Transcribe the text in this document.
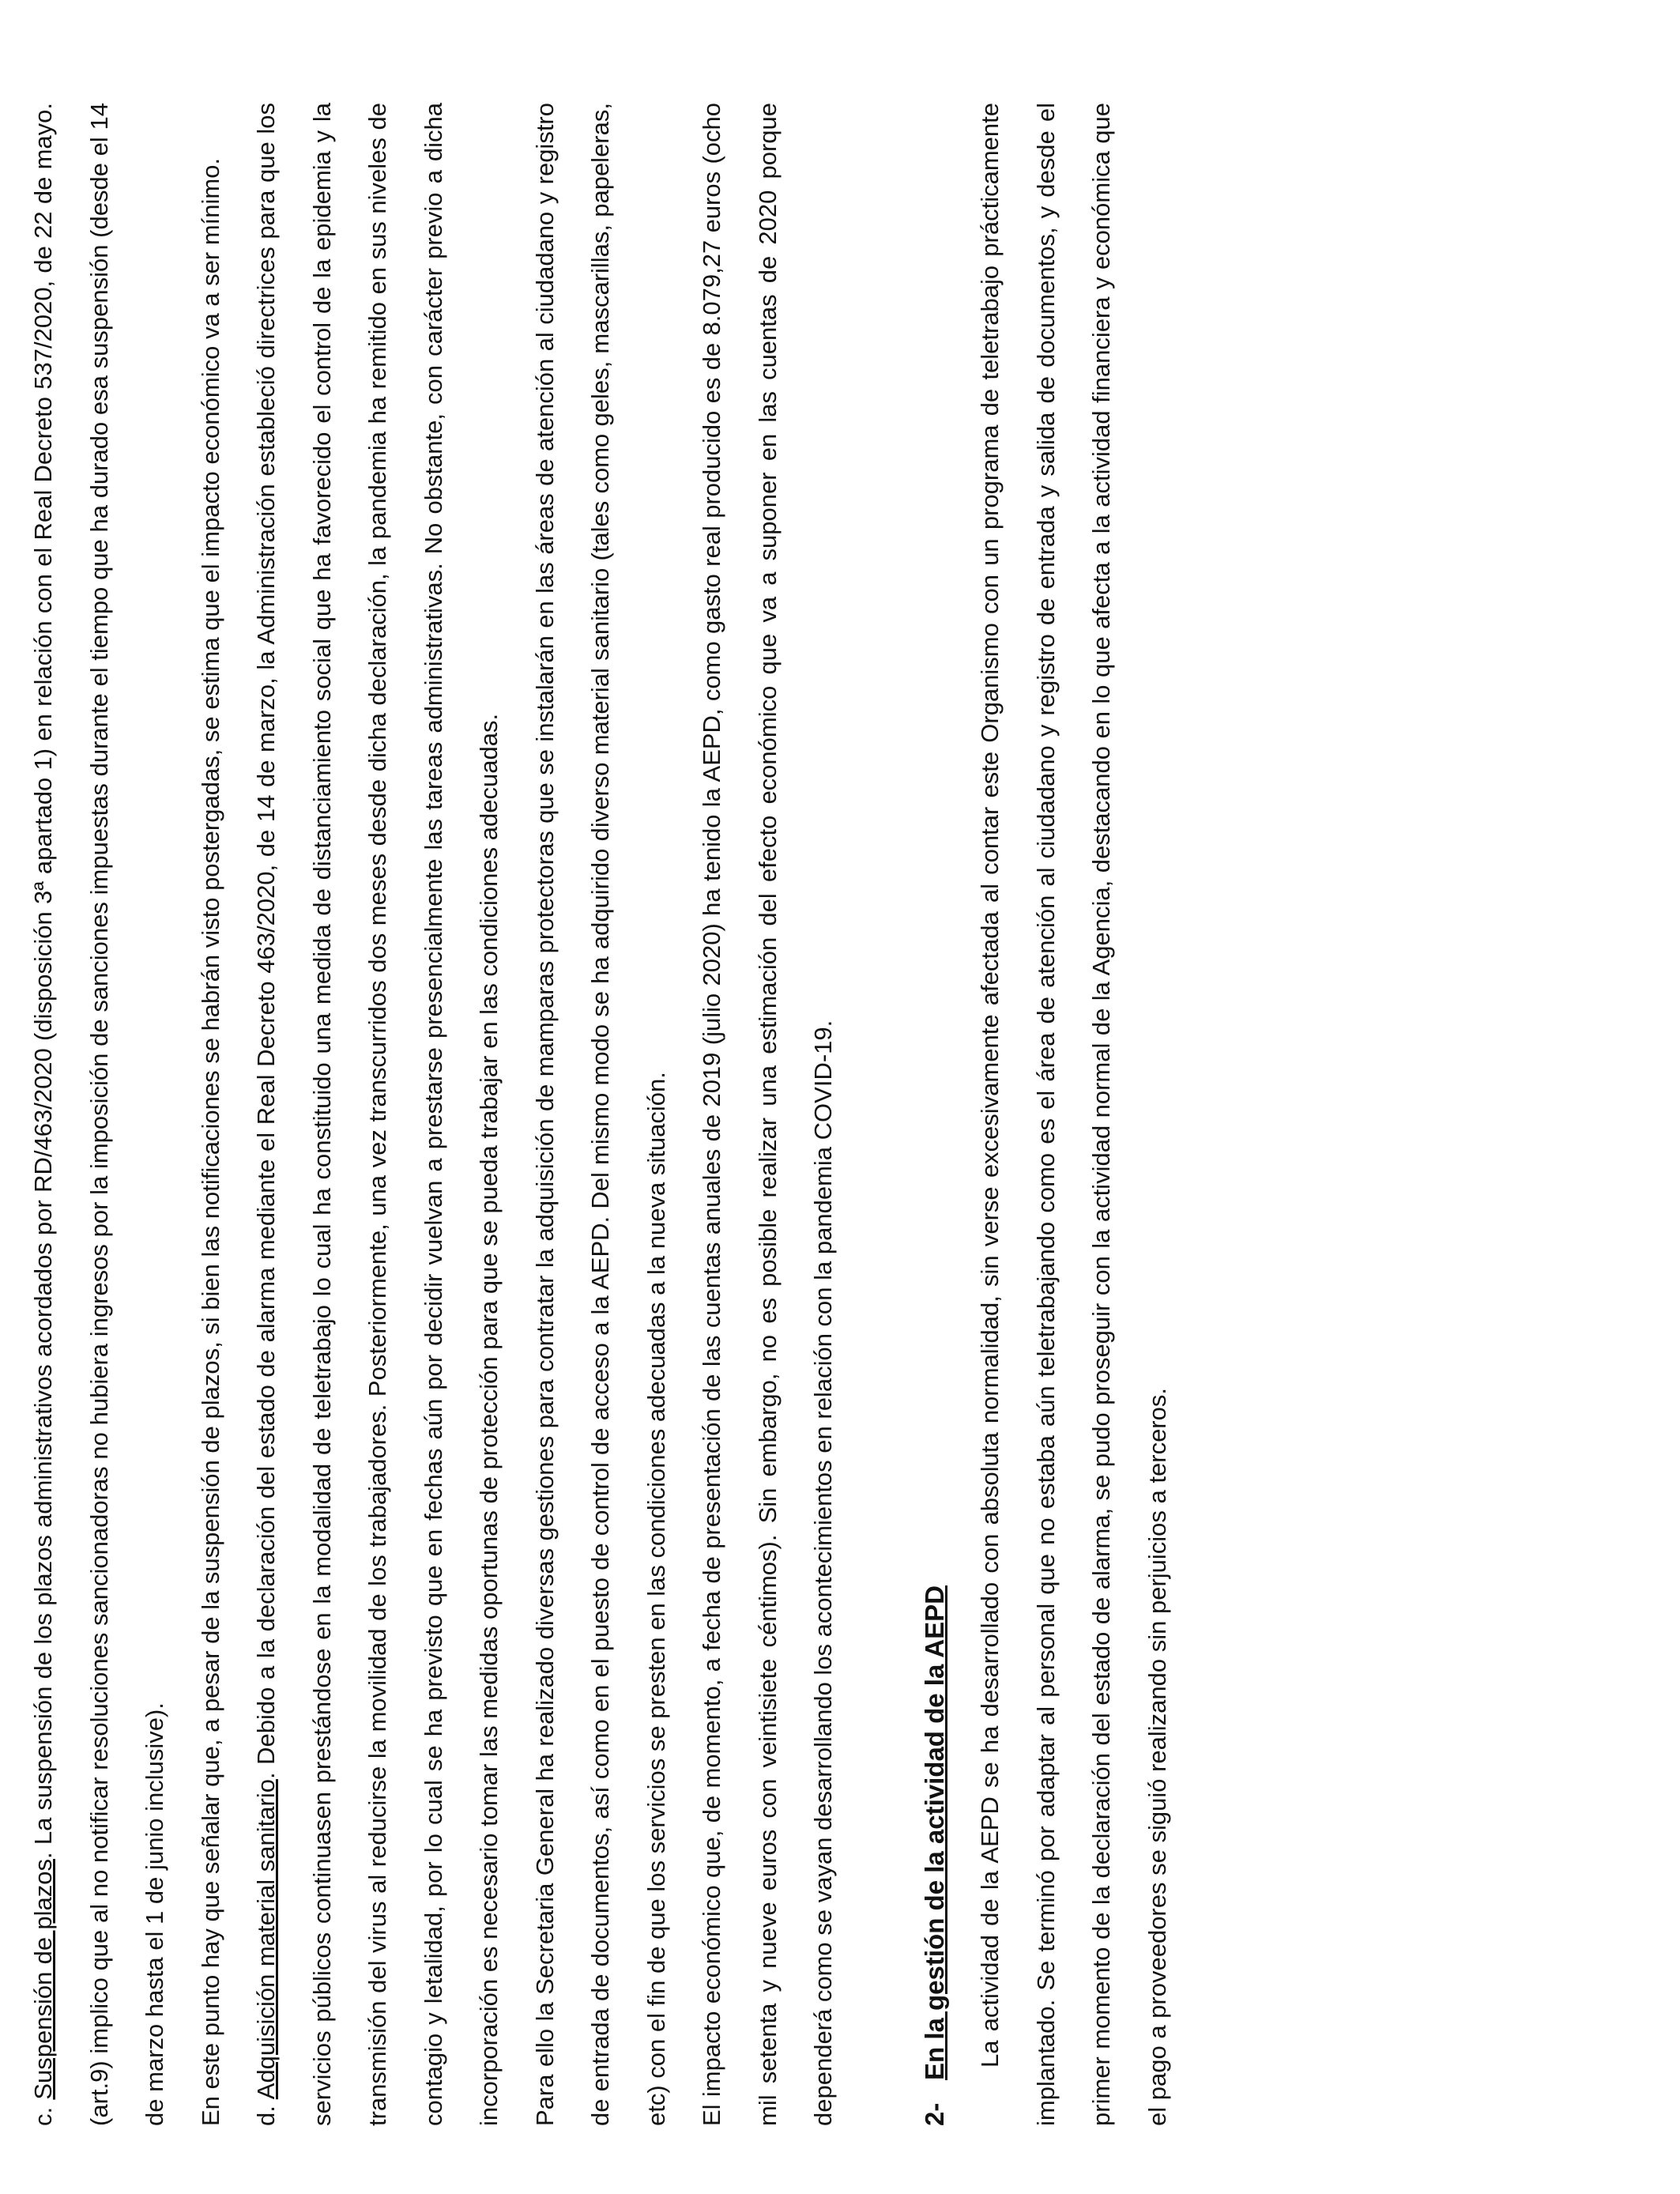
c. Suspensión de plazos. La suspensión de los plazos administrativos acordados por RD/463/2020 (disposición 3ª apartado 1) en relación con el Real Decreto 537/2020, de 22 de mayo. (art.9) implico que al no notificar resoluciones sancionadoras no hubiera ingresos por la imposición de sanciones impuestas durante el tiempo que ha durado esa suspensión (desde el 14 de marzo hasta el 1 de junio inclusive).	En este punto hay que señalar que, a pesar de la suspensión de plazos, si bien las notificaciones se habrán visto postergadas, se estima que el impacto económico va a ser mínimo.	d. Adquisición material sanitario. Debido a la declaración del estado de alarma mediante el Real Decreto 463/2020, de 14 de marzo, la Administración estableció directrices para que los servicios públicos continuasen prestándose en la modalidad de teletrabajo lo cual ha constituido una medida de distanciamiento social que ha favorecido el control de la epidemia y la transmisión del virus al reducirse la movilidad de los trabajadores. Posteriormente, una vez transcurridos dos meses desde dicha declaración, la pandemia ha remitido en sus niveles de contagio y letalidad, por lo cual se ha previsto que en fechas aún por decidir vuelvan a prestarse presencialmente las tareas administrativas. No obstante, con carácter previo a dicha incorporación es necesario tomar las medidas oportunas de protección para que se pueda trabajar en las condiciones adecuadas.	Para ello la Secretaria General ha realizado diversas gestiones para contratar la adquisición de mamparas protectoras que se instalarán en las áreas de atención al ciudadano y registro de entrada de documentos, así como en el puesto de control de acceso a la AEPD. Del mismo modo se ha adquirido diverso material sanitario (tales como geles, mascarillas, papeleras, etc) con el fin de que los servicios se presten en las condiciones adecuadas a la nueva situación.	El impacto económico que, de momento, a fecha de presentación de las cuentas anuales de 2019 (julio 2020) ha tenido la AEPD, como gasto real producido es de 8.079,27 euros (ocho mil setenta y nueve euros con veintisiete céntimos). Sin embargo, no es posible realizar una estimación del efecto económico que va a suponer en las cuentas de 2020 porque dependerá como se vayan desarrollando los acontecimientos en relación con la pandemia COVID-19.	2-En la gestión de la actividad de la AEPD	La actividad de la AEPD se ha desarrollado con absoluta normalidad, sin verse excesivamente afectada al contar este Organismo con un programa de teletrabajo prácticamente implantado. Se terminó por adaptar al personal que no estaba aún teletrabajando como es el área de atención al ciudadano y registro de entrada y salida de documentos, y desde el primer momento de la declaración del estado de alarma, se pudo proseguir con la actividad normal de la Agencia, destacando en lo que afecta a la actividad financiera y económica que el pago a proveedores se siguió realizando sin perjuicios a terceros.
